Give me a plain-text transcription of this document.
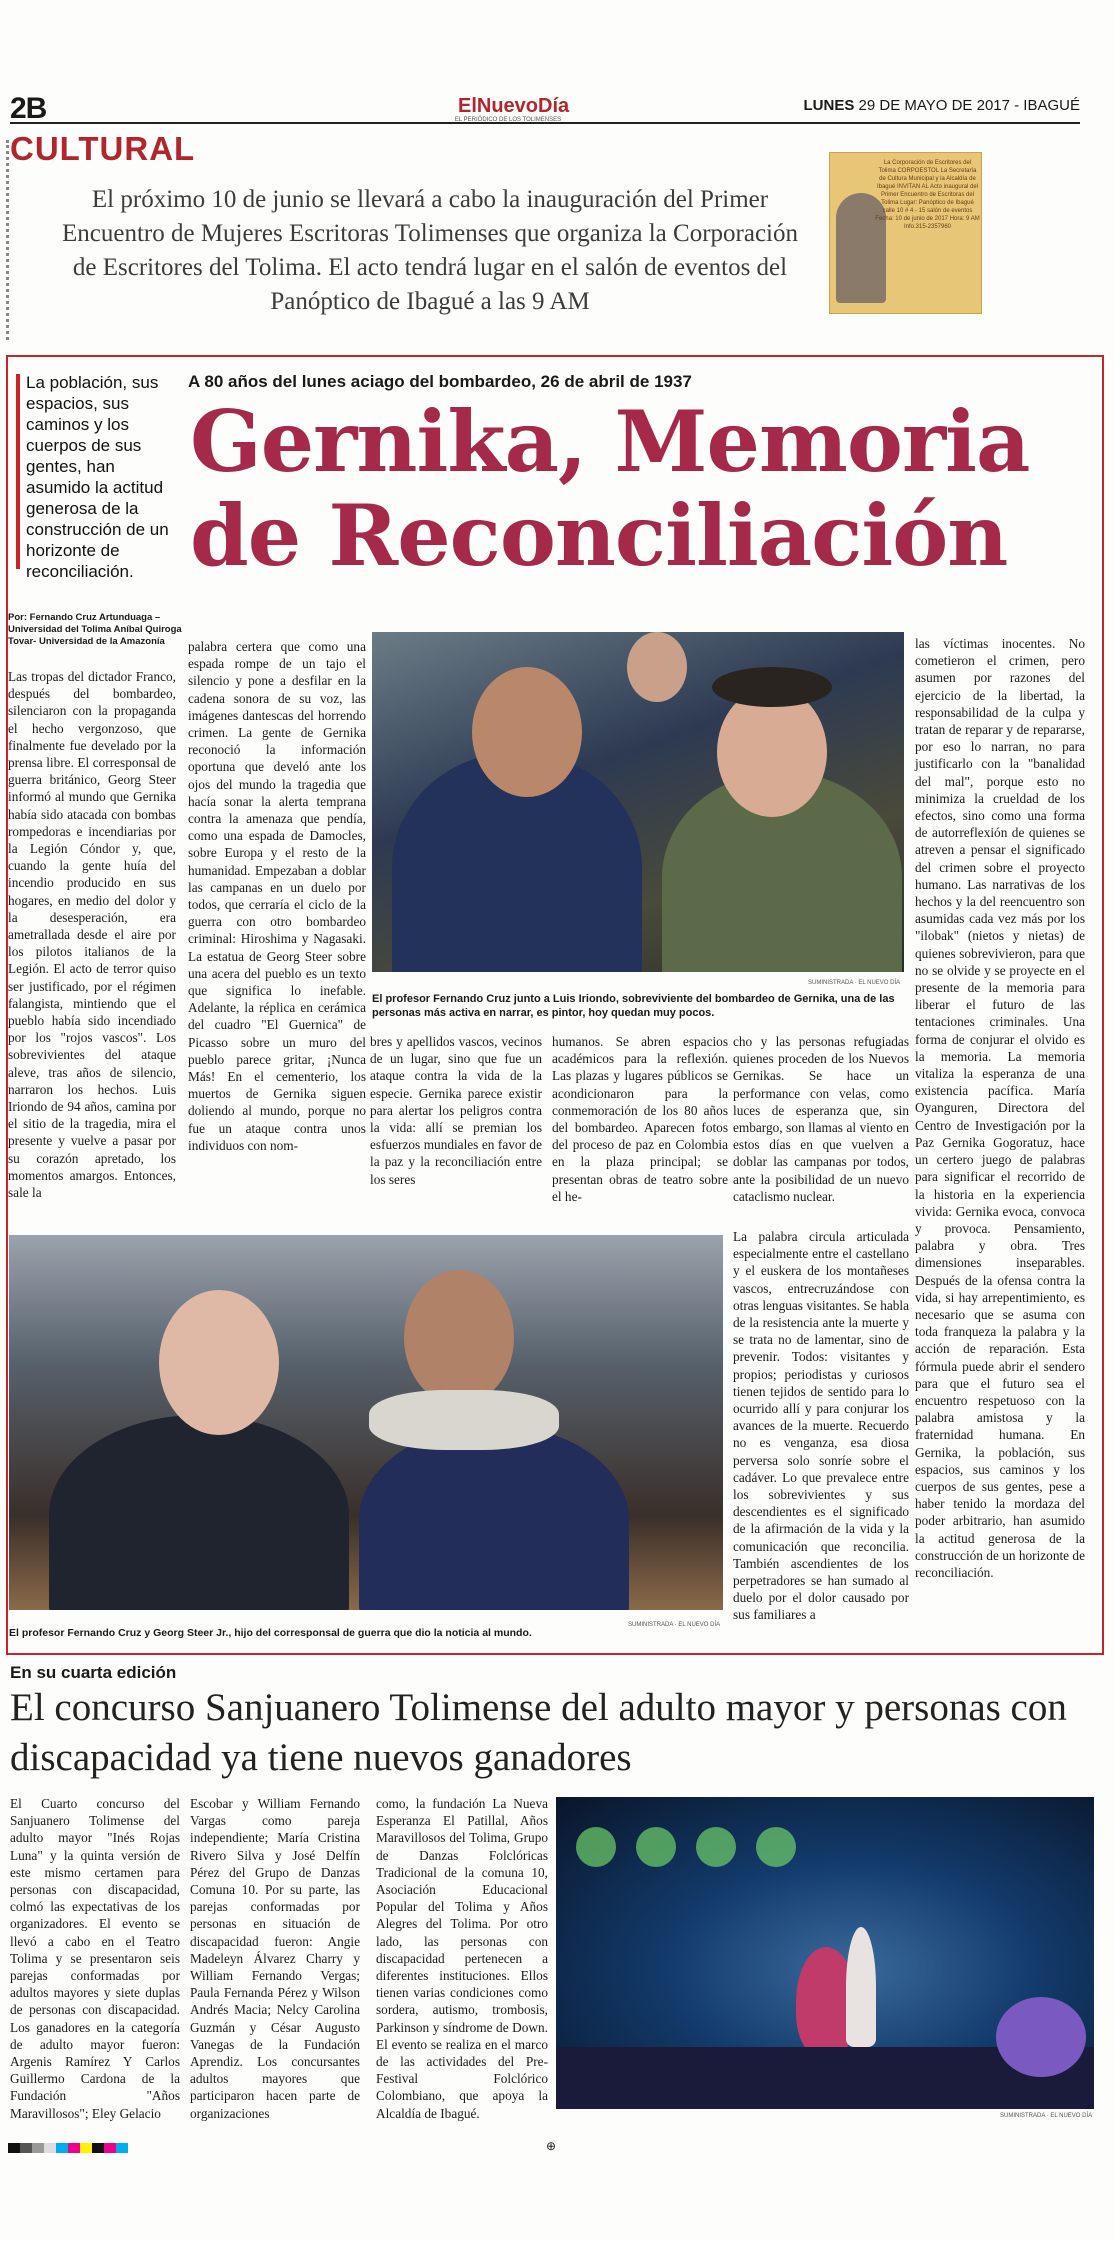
2B	ElNuevoDía
EL PERIÓDICO DE LOS TOLIMENSES
LUNES 29 DE MAYO DE 2017 - IBAGUÉ
CULTURAL
El próximo 10 de junio se llevará a cabo la inauguración del Primer Encuentro de Mujeres Escritoras Tolimenses que organiza la Corporación de Escritores del Tolima. El acto tendrá lugar en el salón de eventos del Panóptico de Ibagué a las 9 AM
La Corporación de Escritores del Tolima CORPOESTOL La Secretaría de Cultura Municipal y la Alcaldía de Ibagué INVITAN AL Acto inaugural del Primer Encuentro de Escritoras del Tolima Lugar: Panóptico de Ibagué calle 10 # 4 - 15 salón de eventos Fecha: 10 de junio de 2017 Hora: 9 AM Info.315-2357960
La población, sus espacios, sus caminos y los cuerpos de sus gentes, han asumido la actitud generosa de la construcción de un horizonte de reconciliación.
A 80 años del lunes aciago del bombardeo, 26 de abril de 1937
Gernika, Memoria de Reconciliación
Por: Fernando Cruz Artunduaga – Universidad del Tolima Aníbal Quiroga Tovar- Universidad de la Amazonía
Las tropas del dictador Franco, después del bombardeo, silenciaron con la propaganda el hecho vergonzoso, que finalmente fue develado por la prensa libre. El corresponsal de guerra británico, Georg Steer informó al mundo que Gernika había sido atacada con bombas rompedoras e incendiarias por la Legión Cóndor y, que, cuando la gente huía del incendio producido en sus hogares, en medio del dolor y la desesperación, era ametrallada desde el aire por los pilotos italianos de la Legión. El acto de terror quiso ser justificado, por el régimen falangista, mintiendo que el pueblo había sido incendiado por los "rojos vascos". Los sobrevivientes del ataque aleve, tras años de silencio, narraron los hechos. Luis Iriondo de 94 años, camina por el sitio de la tragedia, mira el presente y vuelve a pasar por su corazón apretado, los momentos amargos. Entonces, sale la
palabra certera que como una espada rompe de un tajo el silencio y pone a desfilar en la cadena sonora de su voz, las imágenes dantescas del horrendo crimen. La gente de Gernika reconoció la información oportuna que develó ante los ojos del mundo la tragedia que hacía sonar la alerta temprana contra la amenaza que pendía, como una espada de Damocles, sobre Europa y el resto de la humanidad. Empezaban a doblar las campanas en un duelo por todos, que cerraría el ciclo de la guerra con otro bombardeo criminal: Hiroshima y Nagasaki. La estatua de Georg Steer sobre una acera del pueblo es un texto que significa lo inefable. Adelante, la réplica en cerámica del cuadro "El Guernica" de Picasso sobre un muro del pueblo parece gritar, ¡Nunca Más! En el cementerio, los muertos de Gernika siguen doliendo al mundo, porque no fue un ataque contra unos individuos con nom-
SUMINISTRADA · EL NUEVO DÍA
El profesor Fernando Cruz junto a Luis Iriondo, sobreviviente del bombardeo de Gernika, una de las personas más activa en narrar, es pintor, hoy quedan muy pocos.
bres y apellidos vascos, vecinos de un lugar, sino que fue un ataque contra la vida de la especie. Gernika parece existir para alertar los peligros contra la vida: allí se premian los esfuerzos mundiales en favor de la paz y la reconciliación entre los seres
humanos. Se abren espacios académicos para la reflexión. Las plazas y lugares públicos se acondicionaron para la conmemoración de los 80 años del bombardeo. Aparecen fotos del proceso de paz en Colombia en la plaza principal; se presentan obras de teatro sobre el he-
cho y las personas refugiadas quienes proceden de los Nuevos Gernikas. Se hace un performance con velas, como luces de esperanza que, sin embargo, son llamas al viento en estos días en que vuelven a doblar las campanas por todos, ante la posibilidad de un nuevo cataclismo nuclear.
La palabra circula articulada especialmente entre el castellano y el euskera de los montañeses vascos, entrecruzándose con otras lenguas visitantes. Se habla de la resistencia ante la muerte y se trata no de lamentar, sino de prevenir. Todos: visitantes y propios; periodistas y curiosos tienen tejidos de sentido para lo ocurrido allí y para conjurar los avances de la muerte. Recuerdo no es venganza, esa diosa perversa solo sonríe sobre el cadáver. Lo que prevalece entre los sobrevivientes y sus descendientes es el significado de la afirmación de la vida y la comunicación que reconcilia. También ascendientes de los perpetradores se han sumado al duelo por el dolor causado por sus familiares a
las víctimas inocentes. No cometieron el crimen, pero asumen por razones del ejercicio de la libertad, la responsabilidad de la culpa y tratan de reparar y de repararse, por eso lo narran, no para justificarlo con la "banalidad del mal", porque esto no minimiza la crueldad de los efectos, sino como una forma de autorreflexión de quienes se atreven a pensar el significado del crimen sobre el proyecto humano. Las narrativas de los hechos y la del reencuentro son asumidas cada vez más por los "ilobak" (nietos y nietas) de quienes sobrevivieron, para que no se olvide y se proyecte en el presente de la memoria para liberar el futuro de las tentaciones criminales. Una forma de conjurar el olvido es la memoria. La memoria vitaliza la esperanza de una existencia pacífica. María Oyanguren, Directora del Centro de Investigación por la Paz Gernika Gogoratuz, hace un certero juego de palabras para significar el recorrido de la historia en la experiencia vivida: Gernika evoca, convoca y provoca. Pensamiento, palabra y obra. Tres dimensiones inseparables. Después de la ofensa contra la vida, si hay arrepentimiento, es necesario que se asuma con toda franqueza la palabra y la acción de reparación. Esta fórmula puede abrir el sendero para que el futuro sea el encuentro respetuoso con la palabra amistosa y la fraternidad humana. En Gernika, la población, sus espacios, sus caminos y los cuerpos de sus gentes, pese a haber tenido la mordaza del poder arbitrario, han asumido la actitud generosa de la construcción de un horizonte de reconciliación.
SUMINISTRADA · EL NUEVO DÍA
El profesor Fernando Cruz y Georg Steer Jr., hijo del corresponsal de guerra que dio la noticia al mundo.
En su cuarta edición
El concurso Sanjuanero Tolimense del adulto mayor y personas con discapacidad ya tiene nuevos ganadores
El Cuarto concurso del Sanjuanero Tolimense del adulto mayor "Inés Rojas Luna" y la quinta versión de este mismo certamen para personas con discapacidad, colmó las expectativas de los organizadores. El evento se llevó a cabo en el Teatro Tolima y se presentaron seis parejas conformadas por adultos mayores y siete duplas de personas con discapacidad. Los ganadores en la categoría de adulto mayor fueron: Argenis Ramírez Y Carlos Guillermo Cardona de la Fundación "Años Maravillosos"; Eley Gelacio
Escobar y William Fernando Vargas como pareja independiente; María Cristina Rivero Silva y José Delfín Pérez del Grupo de Danzas Comuna 10. Por su parte, las parejas conformadas por personas en situación de discapacidad fueron: Angie Madeleyn Álvarez Charry y William Fernando Vergas; Paula Fernanda Pérez y Wilson Andrés Macia; Nelcy Carolina Guzmán y César Augusto Vanegas de la Fundación Aprendiz. Los concursantes adultos mayores que participaron hacen parte de organizaciones
como, la fundación La Nueva Esperanza El Patillal, Años Maravillosos del Tolima, Grupo de Danzas Folclóricas Tradicional de la comuna 10, Asociación Educacional Popular del Tolima y Años Alegres del Tolima. Por otro lado, las personas con discapacidad pertenecen a diferentes instituciones. Ellos tienen varias condiciones como sordera, autismo, trombosis, Parkinson y síndrome de Down. El evento se realiza en el marco de las actividades del Pre-Festival Folclórico Colombiano, que apoya la Alcaldía de Ibagué.	SUMINISTRADA · EL NUEVO DÍA
⊕
